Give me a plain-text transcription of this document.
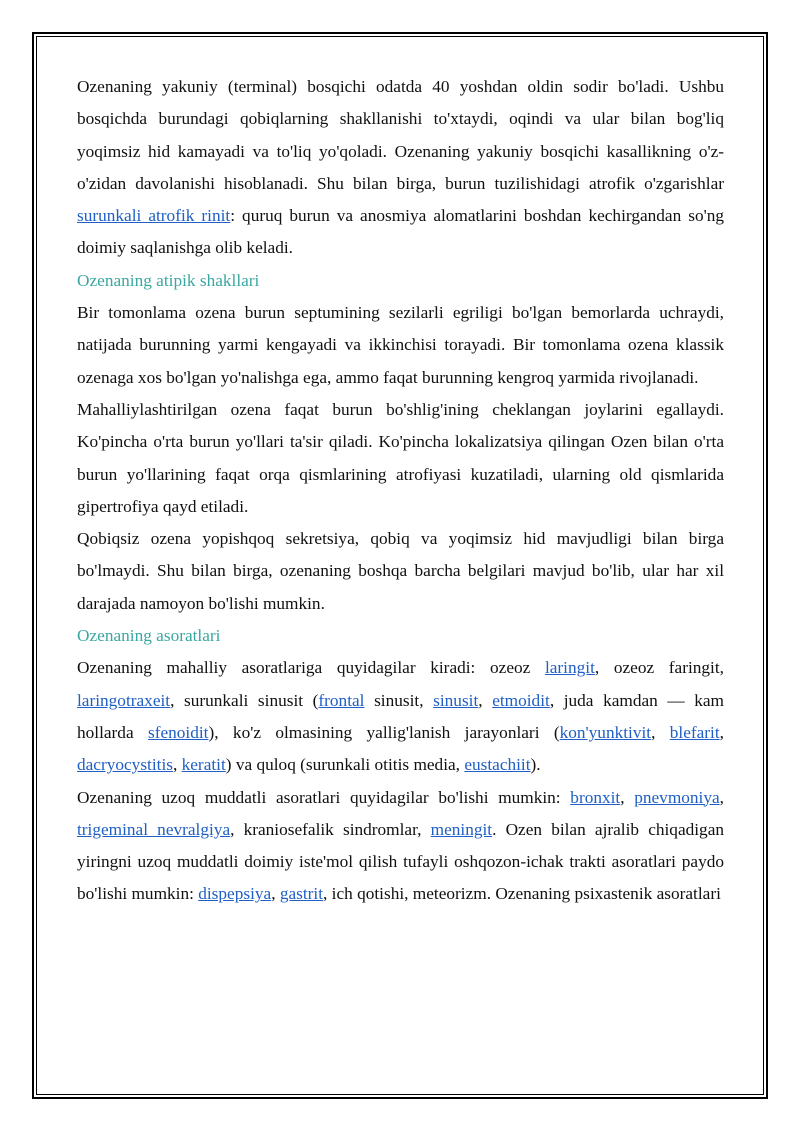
Ozenaning yakuniy (terminal) bosqichi odatda 40 yoshdan oldin sodir bo'ladi. Ushbu bosqichda burundagi qobiqlarning shakllanishi to'xtaydi, oqindi va ular bilan bog'liq yoqimsiz hid kamayadi va to'liq yo'qoladi. Ozenaning yakuniy bosqichi kasallikning o'z-o'zidan davolanishi hisoblanadi. Shu bilan birga, burun tuzilishidagi atrofik o'zgarishlar surunkali atrofik rinit: quruq burun va anosmiya alomatlarini boshdan kechirgandan so'ng doimiy saqlanishga olib keladi.

Ozenaning atipik shakllari

Bir tomonlama ozena burun septumining sezilarli egriligi bo'lgan bemorlarda uchraydi, natijada burunning yarmi kengayadi va ikkinchisi torayadi. Bir tomonlama ozena klassik ozenaga xos bo'lgan yo'nalishga ega, ammo faqat burunning kengroq yarmida rivojlanadi.

Mahalliylashtirilgan ozena faqat burun bo'shlig'ining cheklangan joylarini egallaydi. Ko'pincha o'rta burun yo'llari ta'sir qiladi. Ko'pincha lokalizatsiya qilingan Ozen bilan o'rta burun yo'llarining faqat orqa qismlarining atrofiyasi kuzatiladi, ularning old qismlarida gipertrofiya qayd etiladi.

Qobiqsiz ozena yopishqoq sekretsiya, qobiq va yoqimsiz hid mavjudligi bilan birga bo'lmaydi. Shu bilan birga, ozenaning boshqa barcha belgilari mavjud bo'lib, ular har xil darajada namoyon bo'lishi mumkin.

Ozenaning asoratlari

Ozenaning mahalliy asoratlariga quyidagilar kiradi: ozeoz laringit, ozeoz faringit, laringotraxeit, surunkali sinusit (frontal sinusit, sinusit, etmoidit, juda kamdan — kam hollarda sfenoidit), ko'z olmasining yallig'lanish jarayonlari (kon'yunktivit, blefarit, dacryocystitis, keratit) va quloq (surunkali otitis media, eustachiit).

Ozenaning uzoq muddatli asoratlari quyidagilar bo'lishi mumkin: bronxit, pnevmoniya, trigeminal nevralgiya, kraniosefalik sindromlar, meningit. Ozen bilan ajralib chiqadigan yiringni uzoq muddatli doimiy iste'mol qilish tufayli oshqozon-ichak trakti asoratlari paydo bo'lishi mumkin: dispepsiya, gastrit, ich qotishi, meteorizm. Ozenaning psixastenik asoratlari
